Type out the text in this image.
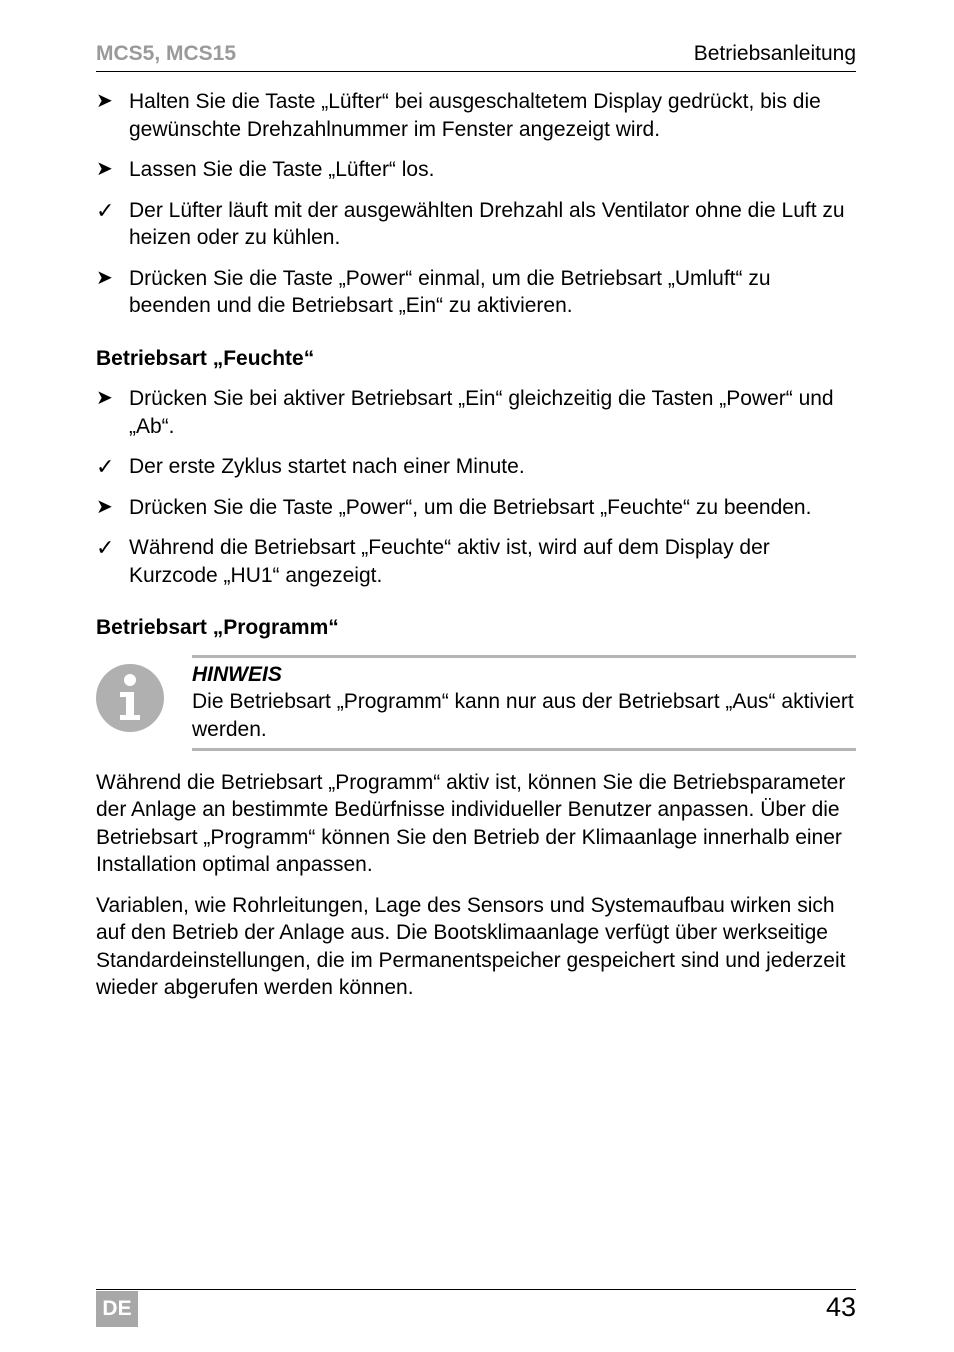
MCS5, MCS15	Betriebsanleitung
➤ Halten Sie die Taste „Lüfter“ bei ausgeschaltetem Display gedrückt, bis die gewünschte Drehzahlnummer im Fenster angezeigt wird.
➤ Lassen Sie die Taste „Lüfter“ los.
✓ Der Lüfter läuft mit der ausgewählten Drehzahl als Ventilator ohne die Luft zu heizen oder zu kühlen.
➤ Drücken Sie die Taste „Power“ einmal, um die Betriebsart „Umluft“ zu beenden und die Betriebsart „Ein“ zu aktivieren.
Betriebsart „Feuchte“
➤ Drücken Sie bei aktiver Betriebsart „Ein“ gleichzeitig die Tasten „Power“ und „Ab“.
✓ Der erste Zyklus startet nach einer Minute.
➤ Drücken Sie die Taste „Power“, um die Betriebsart „Feuchte“ zu beenden.
✓ Während die Betriebsart „Feuchte“ aktiv ist, wird auf dem Display der Kurzcode „HU1“ angezeigt.
Betriebsart „Programm“
HINWEIS
Die Betriebsart „Programm“ kann nur aus der Betriebsart „Aus“ aktiviert werden.

Während die Betriebsart „Programm“ aktiv ist, können Sie die Betriebsparameter der Anlage an bestimmte Bedürfnisse individueller Benutzer anpassen. Über die Betriebsart „Programm“ können Sie den Betrieb der Klimaanlage innerhalb einer Installation optimal anpassen.

Variablen, wie Rohrleitungen, Lage des Sensors und Systemaufbau wirken sich auf den Betrieb der Anlage aus. Die Bootsklimaanlage verfügt über werkseitige Standardeinstellungen, die im Permanentspeicher gespeichert sind und jederzeit wieder abgerufen werden können.

DE	43
